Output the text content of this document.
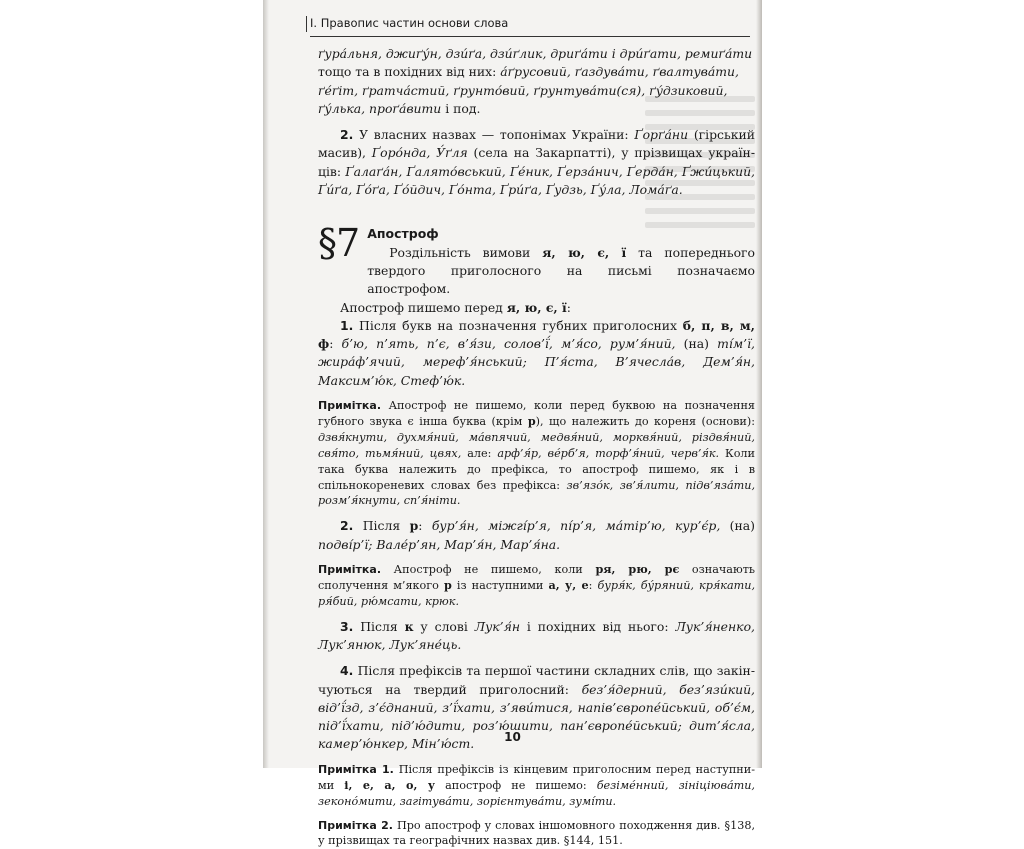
І. Правопис частин основи слова

ґура́льня, джиґу́н, дзи́ґа, дзи́ґлик, дриґа́ти і дри́ґати, ремиґа́ти

тощо та в похідних від них: а́ґрусовий, ґаздува́ти, ґвалтува́ти,

ґе́ґіт, ґратча́стий, ґрунто́вий, ґрунтува́ти(ся), ґу́дзиковий,

ґу́лька, проґа́вити і под.

2. У власних назвах — топонімах України: Ґорґа́ни (гірський масив), Ґоро́нда, У́ґля (села на Закарпатті), у прізвищах українців: Ґалаґа́н, Ґалято́вський, Ґе́ник, Ґерза́нич, Ґерда́н, Ґжи́цький, Ґи́ґа, Ґо́ґа, Ґо́йдич, Ґо́нта, Ґри́ґа, Ґудзь, Ґу́ла, Лома́ґа.

§7 Апостроф

Роздільність вимови я, ю, є, ї та попереднього твердого приголосного на письмі позначаємо апострофом.

Апостроф пишемо перед я, ю, є, ї:

1. Після букв на позначення губних приголосних б, п, в, м, ф: б’ю, п’ять, п’є, в’я́зи, солов’ї́, м’я́со, рум’я́ний, (на) ті́м’ї, жира́ф’ячий, мереф’я́нський; П’я́ста, В’ячесла́в, Дем’я́н, Максим’ю́к, Стеф’ю́к.

Примітка. Апостроф не пишемо, коли перед буквою на позначення губного звука є інша буква (крім р), що належить до кореня (основи): дзвя́кнути, духмя́ний, ма́впячий, медвя́ний, морквя́ний, різдвя́ний, свя́то, тьмя́ний, цвях, але: арф’я́р, ве́рб’я, торф’я́ний, черв’я́к. Коли така буква належить до префікса, то апостроф пишемо, як і в спільнокореневих словах без префікса: зв’язо́к, зв’я́лити, підв’яза́ти, розм’я́кнути, сп’я́ніти.

2. Після р: бур’я́н, міжгі́р’я, пі́р’я, ма́тір’ю, кур’є́р, (на) подві́р’ї; Вале́р’ян, Мар’я́н, Мар’я́на.

Примітка. Апостроф не пишемо, коли ря, рю, рє означають сполучення м’якого р із наступними а, у, е: буря́к, бу́ряний, кря́кати, ря́бий, рю́мсати, крюк.

3. Після к у слові Лук’я́н і похідних від нього: Лук’я́ненко, Лук’янюк, Лук’яне́ць.

4. Після префіксів та першої частини складних слів, що закінчуються на твердий приголосний: без’я́дерний, без’язи́кий, від’ї́зд, з’є́днаний, з’ї́хати, з’яви́тися, напів’європе́йський, об’є́м, під’ї́хати, під’ю́дити, роз’ю́шити, пан’європе́йський; дит’я́сла, камер’ю́нкер, Мін’ю́ст.

Примітка 1. Після префіксів із кінцевим приголосним перед наступними і, е, а, о, у апостроф не пишемо: безіме́нний, зініціюва́ти, зеконо́мити, загітува́ти, зорієнтува́ти, зумі́ти.

Примітка 2. Про апостроф у словах іншомовного походження див. §138, у прізвищах та географічних назвах див. §144, 151.

10
